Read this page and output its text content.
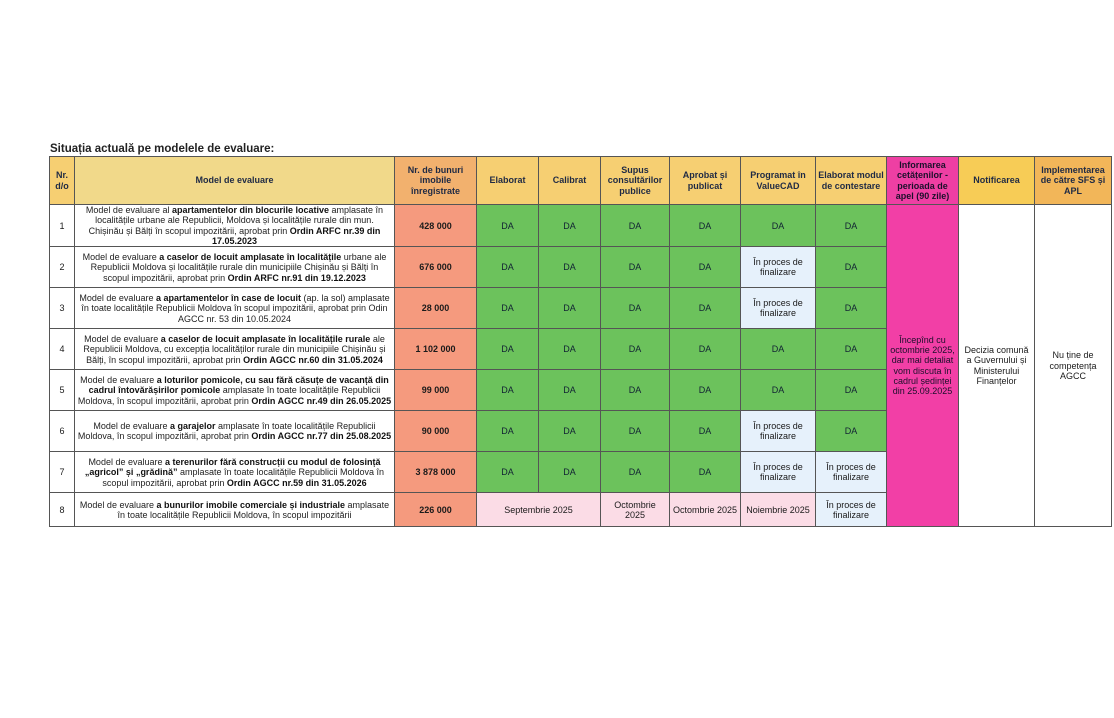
Situația actuală pe modelele de evaluare:
Nr. d/o	Model de evaluare	Nr. de bunuri imobile înregistrate	Elaborat	Calibrat	Supus consultărilor publice	Aprobat și publicat	Programat în ValueCAD	Elaborat modul de contestare	Informarea cetățenilor - perioada de apel (90 zile)	Notificarea	Implementarea de către SFS și APL
1	Model de evaluare al apartamentelor din blocurile locative amplasate în localitățile urbane ale Republicii, Moldova și localitățile rurale din mun. Chișinău și Bălți în scopul impozitării, aprobat prin Ordin ARFC nr.39 din 17.05.2023	428 000	DA	DA	DA	DA	DA	DA	Începînd cu octombrie 2025, dar mai detaliat vom discuta în cadrul ședinței din 25.09.2025	Decizia comună a Guvernului și Ministerului Finanțelor	Nu ține de competența AGCC
2	Model de evaluare a caselor de locuit amplasate în localitățile urbane ale Republicii Moldova și localitățile rurale din municipiile Chișinău și Bălți în scopul impozitării, aprobat prin Ordin ARFC nr.91 din 19.12.2023	676 000	DA	DA	DA	DA	În proces de finalizare	DA			
3	Model de evaluare a apartamentelor în case de locuit (ap. la sol) amplasate în toate localitățile Republicii Moldova în scopul impozitării, aprobat prin Odin AGCC nr. 53 din 10.05.2024	28 000	DA	DA	DA	DA	În proces de finalizare	DA			
4	Model de evaluare a caselor de locuit amplasate în localitățile rurale ale Republicii Moldova, cu excepția localităților rurale din municipiile Chișinău și Bălți, în scopul impozitării, aprobat prin Ordin AGCC nr.60 din 31.05.2024	1 102 000	DA	DA	DA	DA	DA	DA			
5	Model de evaluare a loturilor pomicole, cu sau fără căsuțe de vacanță din cadrul întovărășirilor pomicole amplasate în toate localitățile Republicii Moldova, în scopul impozitării, aprobat prin Ordin AGCC nr.49 din 26.05.2025	99 000	DA	DA	DA	DA	DA	DA			
6	Model de evaluare a garajelor amplasate în toate localitățile Republicii Moldova, în scopul impozitării, aprobat prin Ordin AGCC nr.77 din 25.08.2025	90 000	DA	DA	DA	DA	În proces de finalizare	DA			
7	Model de evaluare a terenurilor fără construcții cu modul de folosință „agricol” și „grădină” amplasate în toate localitățile Republicii Moldova în scopul impozitării, aprobat prin Ordin AGCC nr.59 din 31.05.2026	3 878 000	DA	DA	DA	DA	În proces de finalizare	În proces de finalizare			
8	Model de evaluare a bunurilor imobile comerciale și industriale amplasate în toate localitățile Republicii Moldova, în scopul impozitării	226 000	Septembrie 2025		Octombrie 2025	Octombrie 2025	Noiembrie 2025	În proces de finalizare			
